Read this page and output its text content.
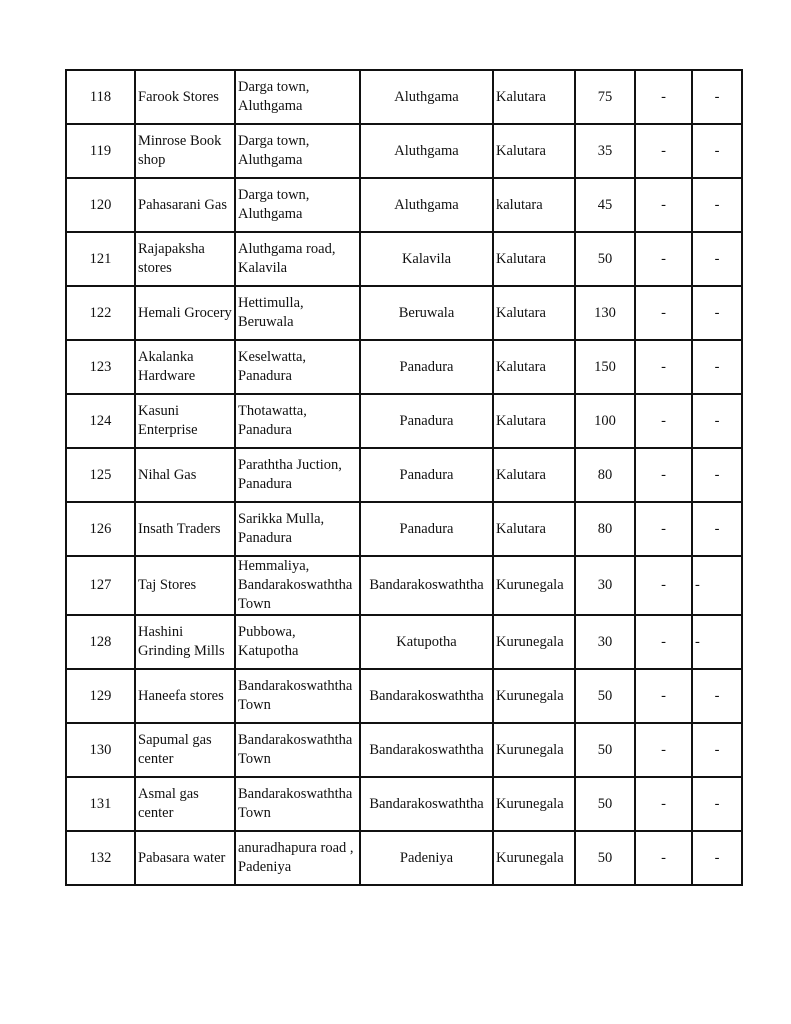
118	Farook Stores	Darga town, Aluthgama	Aluthgama	Kalutara	75	-	-
119	Minrose Book shop	Darga town, Aluthgama	Aluthgama	Kalutara	35	-	-
120	Pahasarani Gas	Darga town, Aluthgama	Aluthgama	kalutara	45	-	-
121	Rajapaksha stores	Aluthgama road, Kalavila	Kalavila	Kalutara	50	-	-
122	Hemali Grocery	Hettimulla, Beruwala	Beruwala	Kalutara	130	-	-
123	Akalanka Hardware	Keselwatta, Panadura	Panadura	Kalutara	150	-	-
124	Kasuni Enterprise	Thotawatta, Panadura	Panadura	Kalutara	100	-	-
125	Nihal Gas	Paraththa Juction, Panadura	Panadura	Kalutara	80	-	-
126	Insath Traders	Sarikka Mulla, Panadura	Panadura	Kalutara	80	-	-
127	Taj Stores	Hemmaliya, Bandarakoswaththa Town	Bandarakoswaththa	Kurunegala	30	-	-
128	Hashini Grinding Mills	Pubbowa, Katupotha	Katupotha	Kurunegala	30	-	-
129	Haneefa stores	Bandarakoswaththa Town	Bandarakoswaththa	Kurunegala	50	-	-
130	Sapumal gas center	Bandarakoswaththa Town	Bandarakoswaththa	Kurunegala	50	-	-
131	Asmal gas center	Bandarakoswaththa Town	Bandarakoswaththa	Kurunegala	50	-	-
132	Pabasara water	anuradhapura road , Padeniya	Padeniya	Kurunegala	50	-	-
